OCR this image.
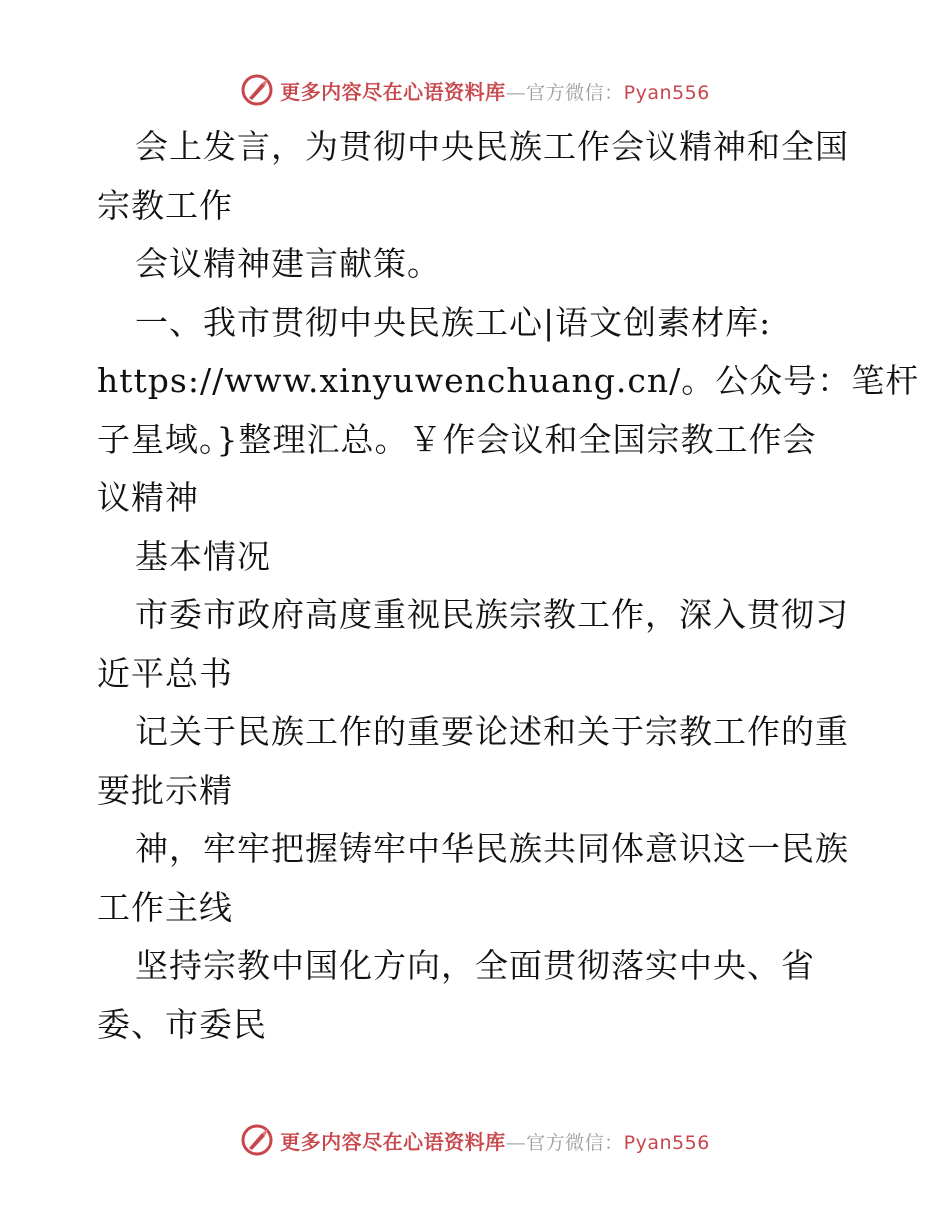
更多内容尽在心语资料库—官方微信：Pyan556
会上发言，为贯彻中央民族工作会议精神和全国
宗教工作
会议精神建言献策。
一、我市贯彻中央民族工心|语文创素材库:
https://www.xinyuwenchuang.cn/。公众号：笔杆
子星域。}整理汇总。￥作会议和全国宗教工作会
议精神
基本情况
市委市政府高度重视民族宗教工作，深入贯彻习
近平总书
记关于民族工作的重要论述和关于宗教工作的重
要批示精
神，牢牢把握铸牢中华民族共同体意识这一民族
工作主线
坚持宗教中国化方向，全面贯彻落实中央、省
委、市委民
更多内容尽在心语资料库—官方微信：Pyan556
